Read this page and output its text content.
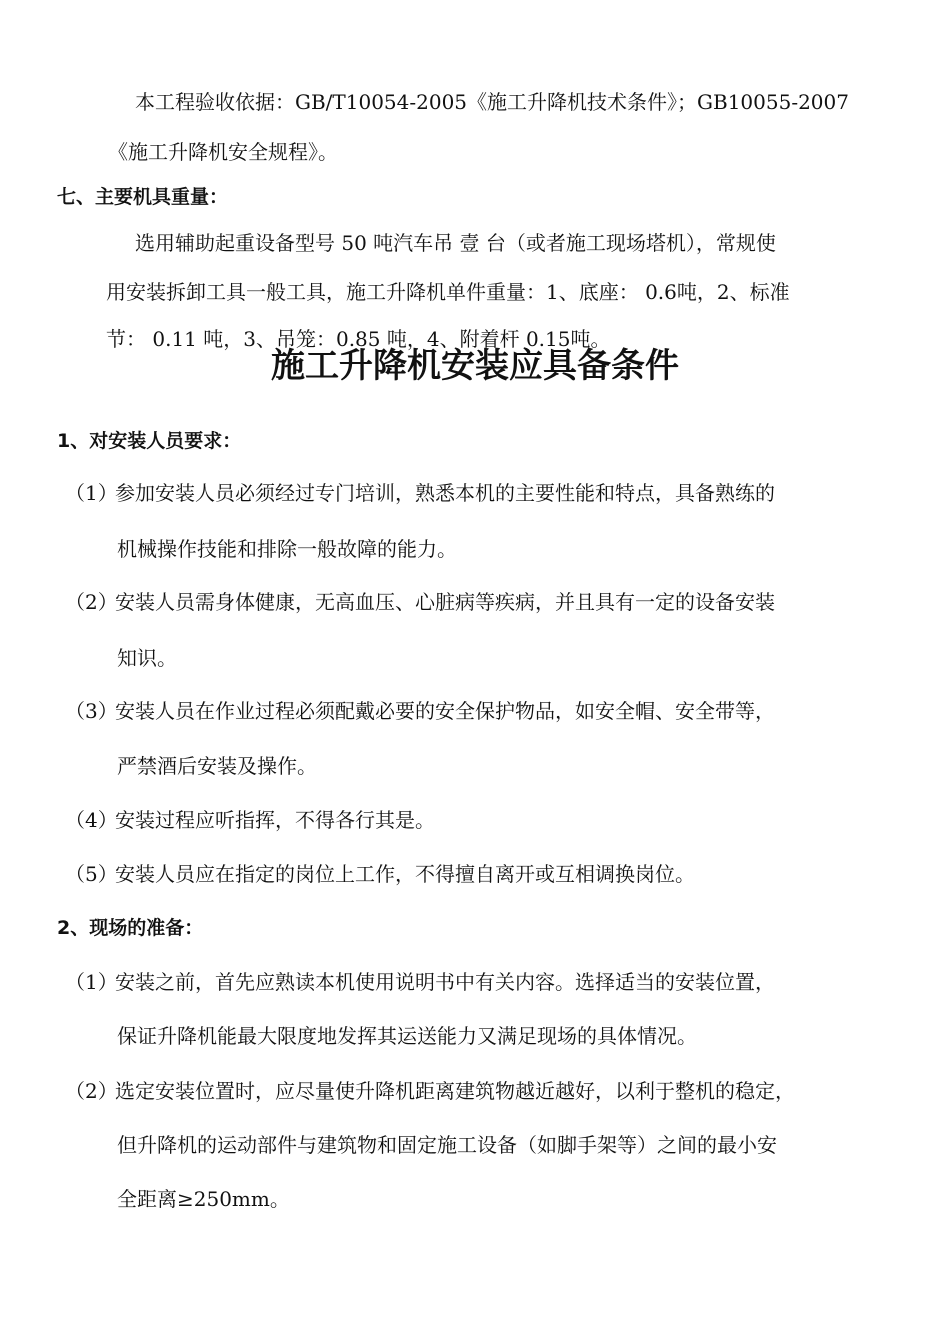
本工程验收依据：GB/T10054-2005《施工升降机技术条件》；GB10055-2007
《施工升降机安全规程》。
七、主要机具重量：
选用辅助起重设备型号 50 吨汽车吊 壹 台（或者施工现场塔机），常规使
用安装拆卸工具一般工具，施工升降机单件重量：1、底座： 0.6吨，2、标准
节： 0.11 吨，3、吊笼：0.85 吨，4、附着杆 0.15吨。
施工升降机安装应具备条件
1、对安装人员要求：
（1）
参加安装人员必须经过专门培训，熟悉本机的主要性能和特点，具备熟练的
机械操作技能和排除一般故障的能力。
（2）
安装人员需身体健康，无高血压、心脏病等疾病，并且具有一定的设备安装
知识。
（3）
安装人员在作业过程必须配戴必要的安全保护物品，如安全帽、安全带等，
严禁酒后安装及操作。
（4）
安装过程应听指挥，不得各行其是。
（5）
安装人员应在指定的岗位上工作，不得擅自离开或互相调换岗位。
2、现场的准备：
（1）
安装之前，首先应熟读本机使用说明书中有关内容。选择适当的安装位置，
保证升降机能最大限度地发挥其运送能力又满足现场的具体情况。
（2）
选定安装位置时，应尽量使升降机距离建筑物越近越好，以利于整机的稳定，
但升降机的运动部件与建筑物和固定施工设备（如脚手架等）之间的最小安
全距离≥250mm。
